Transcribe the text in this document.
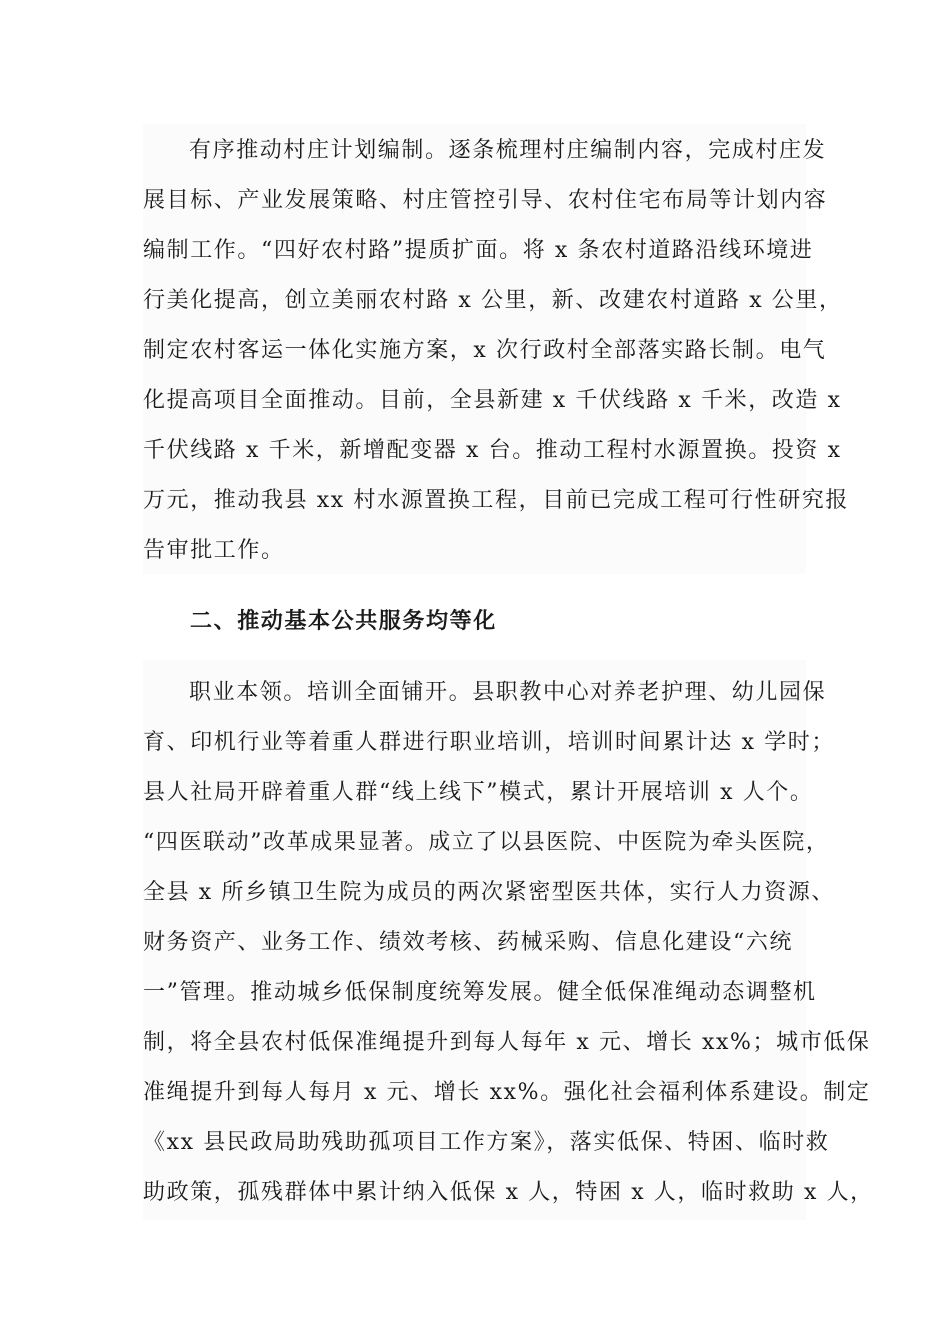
有序推动村庄计划编制。逐条梳理村庄编制内容，完成村庄发
展目标、产业发展策略、村庄管控引导、农村住宅布局等计划内容
编制工作。“四好农村路”提质扩面。将 x 条农村道路沿线环境进
行美化提高，创立美丽农村路 x 公里，新、改建农村道路 x 公里，
制定农村客运一体化实施方案，x 次行政村全部落实路长制。电气
化提高项目全面推动。目前，全县新建 x 千伏线路 x 千米，改造 x
千伏线路 x 千米，新增配变器 x 台。推动工程村水源置换。投资 x
万元，推动我县 xx 村水源置换工程，目前已完成工程可行性研究报
告审批工作。
二、推动基本公共服务均等化
职业本领。培训全面铺开。县职教中心对养老护理、幼儿园保
育、印机行业等着重人群进行职业培训，培训时间累计达 x 学时；
县人社局开辟着重人群“线上线下”模式，累计开展培训 x 人个。
“四医联动”改革成果显著。成立了以县医院、中医院为牵头医院，
全县 x 所乡镇卫生院为成员的两次紧密型医共体，实行人力资源、
财务资产、业务工作、绩效考核、药械采购、信息化建设“六统
一”管理。推动城乡低保制度统筹发展。健全低保准绳动态调整机
制，将全县农村低保准绳提升到每人每年 x 元、增长 xx%；城市低保
准绳提升到每人每月 x 元、增长 xx%。强化社会福利体系建设。制定
《xx 县民政局助残助孤项目工作方案》，落实低保、特困、临时救
助政策，孤残群体中累计纳入低保 x 人，特困 x 人，临时救助 x 人，
